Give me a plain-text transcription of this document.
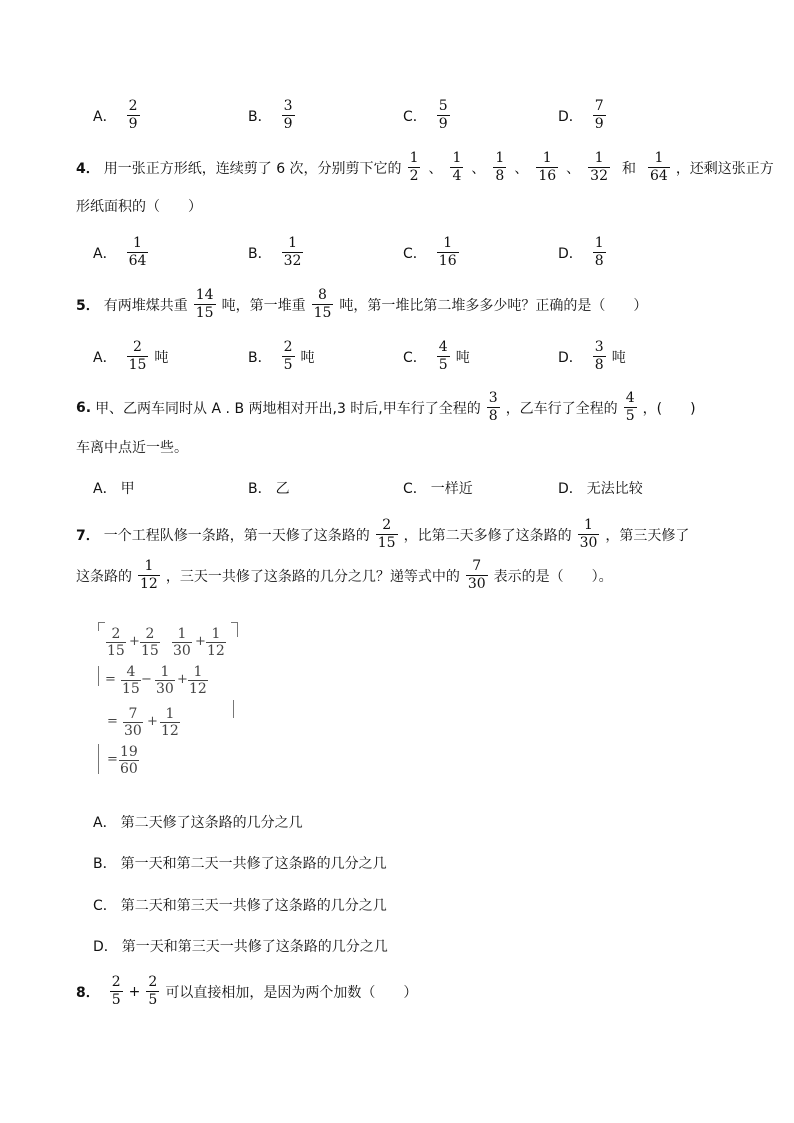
A． $\frac{2}{9}$	B． $\frac{3}{9}$	C． $\frac{5}{9}$	D． $\frac{7}{9}$
4． 用一张正方形纸，连续剪了 6 次，分别剪下它的 $\frac{1}{2}$ 、 $\frac{1}{4}$ 、 $\frac{1}{8}$ 、 $\frac{1}{16}$ 、 $\frac{1}{32}$ 和 $\frac{1}{64}$ ，还剩这张正方
形纸面积的（　　）
A． $\frac{1}{64}$	B． $\frac{1}{32}$	C． $\frac{1}{16}$	D． $\frac{1}{8}$
5． 有两堆煤共重 $\frac{14}{15}$ 吨，第一堆重 $\frac{8}{15}$ 吨，第一堆比第二堆多多少吨？正确的是（　　）
A． $\frac{2}{15}$ 吨	B． $\frac{2}{5}$ 吨	C． $\frac{4}{5}$ 吨	D． $\frac{3}{8}$ 吨
6. 甲、乙两车同时从 A . B 两地相对开出,3 时后,甲车行了全程的 $\frac{3}{8}$ ，乙车行了全程的 $\frac{4}{5}$ ，(　　)
车离中点近一些。
A． 甲	B． 乙	C． 一样近	D． 无法比较
7． 一个工程队修一条路，第一天修了这条路的 $\frac{2}{15}$ ，比第二天多修了这条路的 $\frac{1}{30}$ ，第三天修了
这条路的 $\frac{1}{12}$ ，三天一共修了这条路的几分之几？递等式中的 $\frac{7}{30}$ 表示的是（　　）。
2
15
+ 2
15
1
30
+ 1
12
= 4
15
− 1
30
+ 1
12
= 7
30
+ 1
12
= 19
60
A． 第二天修了这条路的几分之几
B． 第一天和第二天一共修了这条路的几分之几
C． 第二天和第三天一共修了这条路的几分之几
D． 第一天和第三天一共修了这条路的几分之几
8． $\frac{2}{5} + \frac{2}{5}$ 可以直接相加，是因为两个加数（　　）
